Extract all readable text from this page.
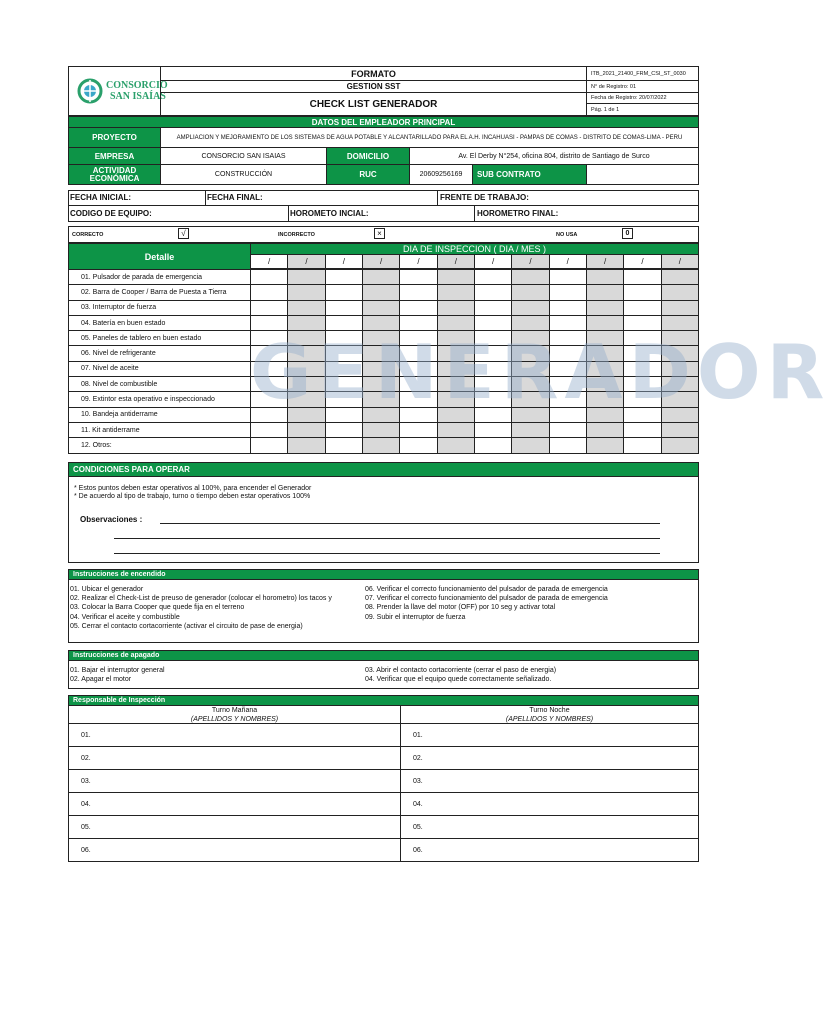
CONSORCIO
SAN ISAÍAS
FORMATO
GESTION SST
CHECK LIST GENERADOR
ITB_2021_21400_FRM_CSI_ST_0030
N° de Registro: 01
Fecha de Registro: 20/07/2022
Pág. 1 de 1
DATOS DEL EMPLEADOR PRINCIPAL
PROYECTO	AMPLIACION Y MEJORAMIENTO DE LOS SISTEMAS DE AGUA POTABLE Y ALCANTARILLADO PARA EL A.H. INCAHUASI - PAMPAS DE COMAS - DISTRITO DE COMAS-LIMA - PERU
EMPRESA	CONSORCIO SAN ISAIAS	DOMICILIO	Av. El Derby N°254, oficina 804, distrito de Santiago de Surco
ACTIVIDAD ECONÓMICA	CONSTRUCCIÓN	RUC	20609256169	SUB CONTRATO
FECHA INICIAL:	FECHA FINAL:	FRENTE DE TRABAJO:
CODIGO DE EQUIPO:	HOROMETO INCIAL:	HOROMETRO FINAL:
CORRECTO	√	INCORRECTO	×	NO USA	0
Detalle
DIA DE INSPECCION ( DIA / MES )
/	/	/	/	/	/	/	/	/	/	/	/
01. Pulsador de parada de emergencia												
02. Barra de Cooper / Barra de Puesta a Tierra												
03. Interruptor de fuerza												
04. Batería en buen estado												
05. Paneles de tablero en buen estado												
06. Nivel de refrigerante												
07. Nivel de aceite												
08. Nivel de combustible												
09. Extintor esta operativo e inspeccionado												
10. Bandeja antiderrame												
11. Kit antiderrame												
12. Otros:												
GENERADOR
CONDICIONES PARA OPERAR
* Estos puntos deben estar operativos al 100%, para encender el Generador
* De acuerdo al tipo de trabajo, turno o tiempo deben estar operativos 100%
Observaciones :
Instrucciones de encendido
01. Ubicar el generador
02. Realizar el Check-List de preuso de generador (colocar el horometro) los tacos y
03. Colocar la Barra Cooper que quede fija en el terreno
04. Verificar el aceite y combustible
05. Cerrar el contacto cortacorriente (activar el circuito de pase de energia)
06. Verificar el correcto funcionamiento del pulsador de parada de emergencia
07. Verificar el correcto funcionamiento del pulsador de parada de emergencia
08. Prender la llave del motor (OFF) por 10 seg y activar total
09. Subir el interruptor de fuerza
Instrucciones de apagado
01. Bajar el interruptor general
02. Apagar el motor
03. Abrir el contacto cortacorriente (cerrar el paso de energia)
04. Verificar que el equipo quede correctamente señalizado.
Responsable de Inspección
Turno Mañana
(APELLIDOS Y NOMBRES)
Turno Noche
(APELLIDOS Y NOMBRES)
01.	01.
02.	02.
03.	03.
04.	04.
05.	05.
06.	06.
